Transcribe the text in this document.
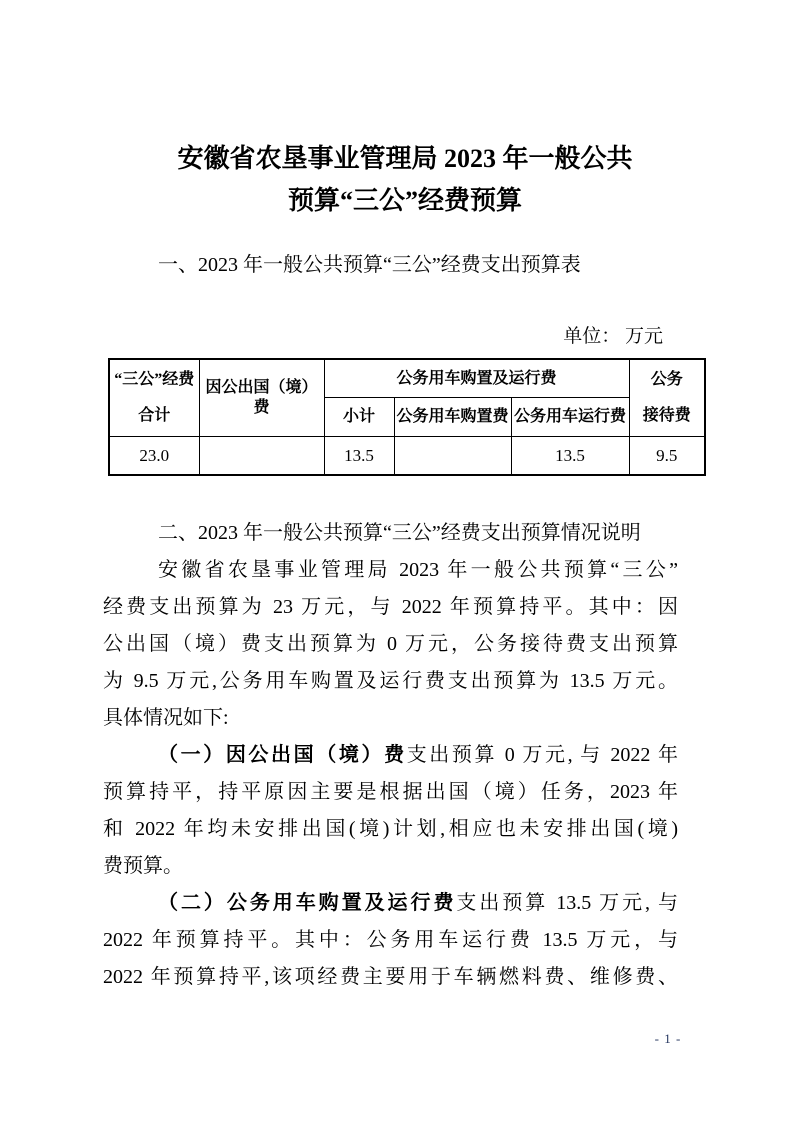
安徽省农垦事业管理局 2023 年一般公共
预算“三公”经费预算
一、2023 年一般公共预算“三公”经费支出预算表
单位： 万元
“三公”经费
合计
	因公出国（境）费	公务用车购置及运行费	公务
接待费

		小计	公务用车购置费	公务用车运行费	
23.0		13.5		13.5	9.5
二、2023 年一般公共预算“三公”经费支出预算情况说明
安徽省农垦事业管理局 2023 年一般公共预算“三公”
经费支出预算为 23 万元，与 2022 年预算持平。其中：因
公出国（境）费支出预算为 0 万元，公务接待费支出预算
为 9.5 万元,公务用车购置及运行费支出预算为 13.5 万元。
具体情况如下:
（一）因公出国（境）费支出预算 0 万元, 与 2022 年
预算持平，持平原因主要是根据出国（境）任务，2023 年
和 2022 年均未安排出国(境)计划,相应也未安排出国(境)
费预算。
（二）公务用车购置及运行费支出预算 13.5 万元, 与
2022 年预算持平。其中：公务用车运行费 13.5 万元，与
2022 年预算持平,该项经费主要用于车辆燃料费、维修费、
- 1 -
